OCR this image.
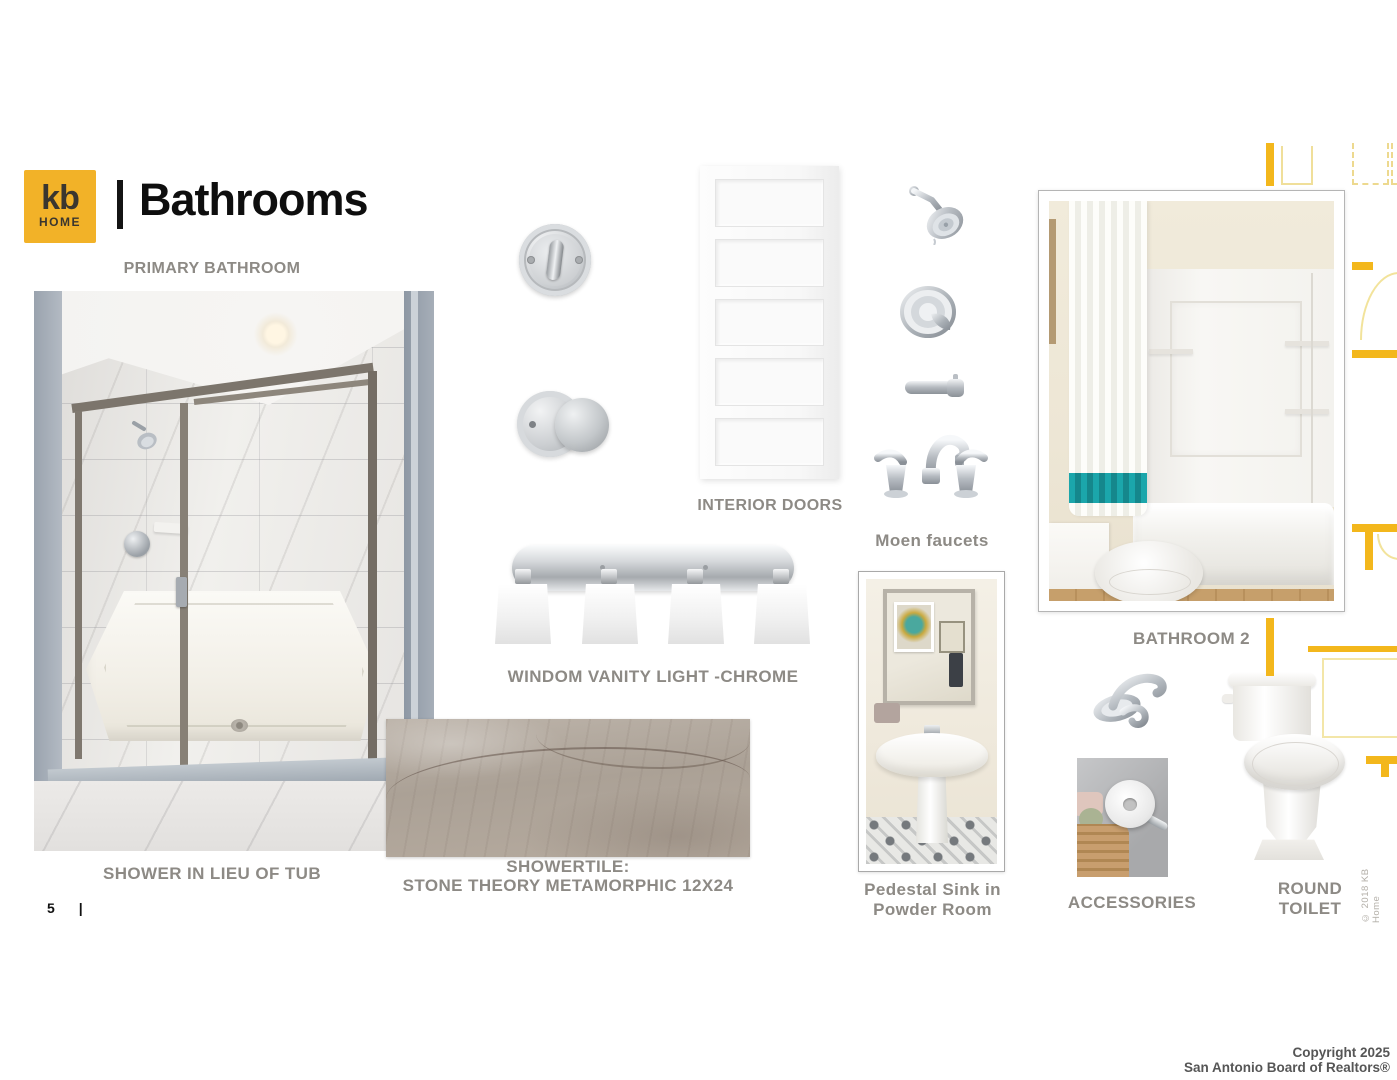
kb
HOME Bathrooms
PRIMARY BATHROOM
SHOWER IN LIEU OF TUB	SHOWERTILE:
STONE THEORY METAMORPHIC 12X24
INTERIOR DOORS
Moen faucets
WINDOM VANITY LIGHT -CHROME
BATHROOM 2
Pedestal Sink in
Powder Room	ACCESSORIES
ROUND
TOILET
5 |	© 2018 KB Home
Copyright 2025
San Antonio Board of Realtors®
